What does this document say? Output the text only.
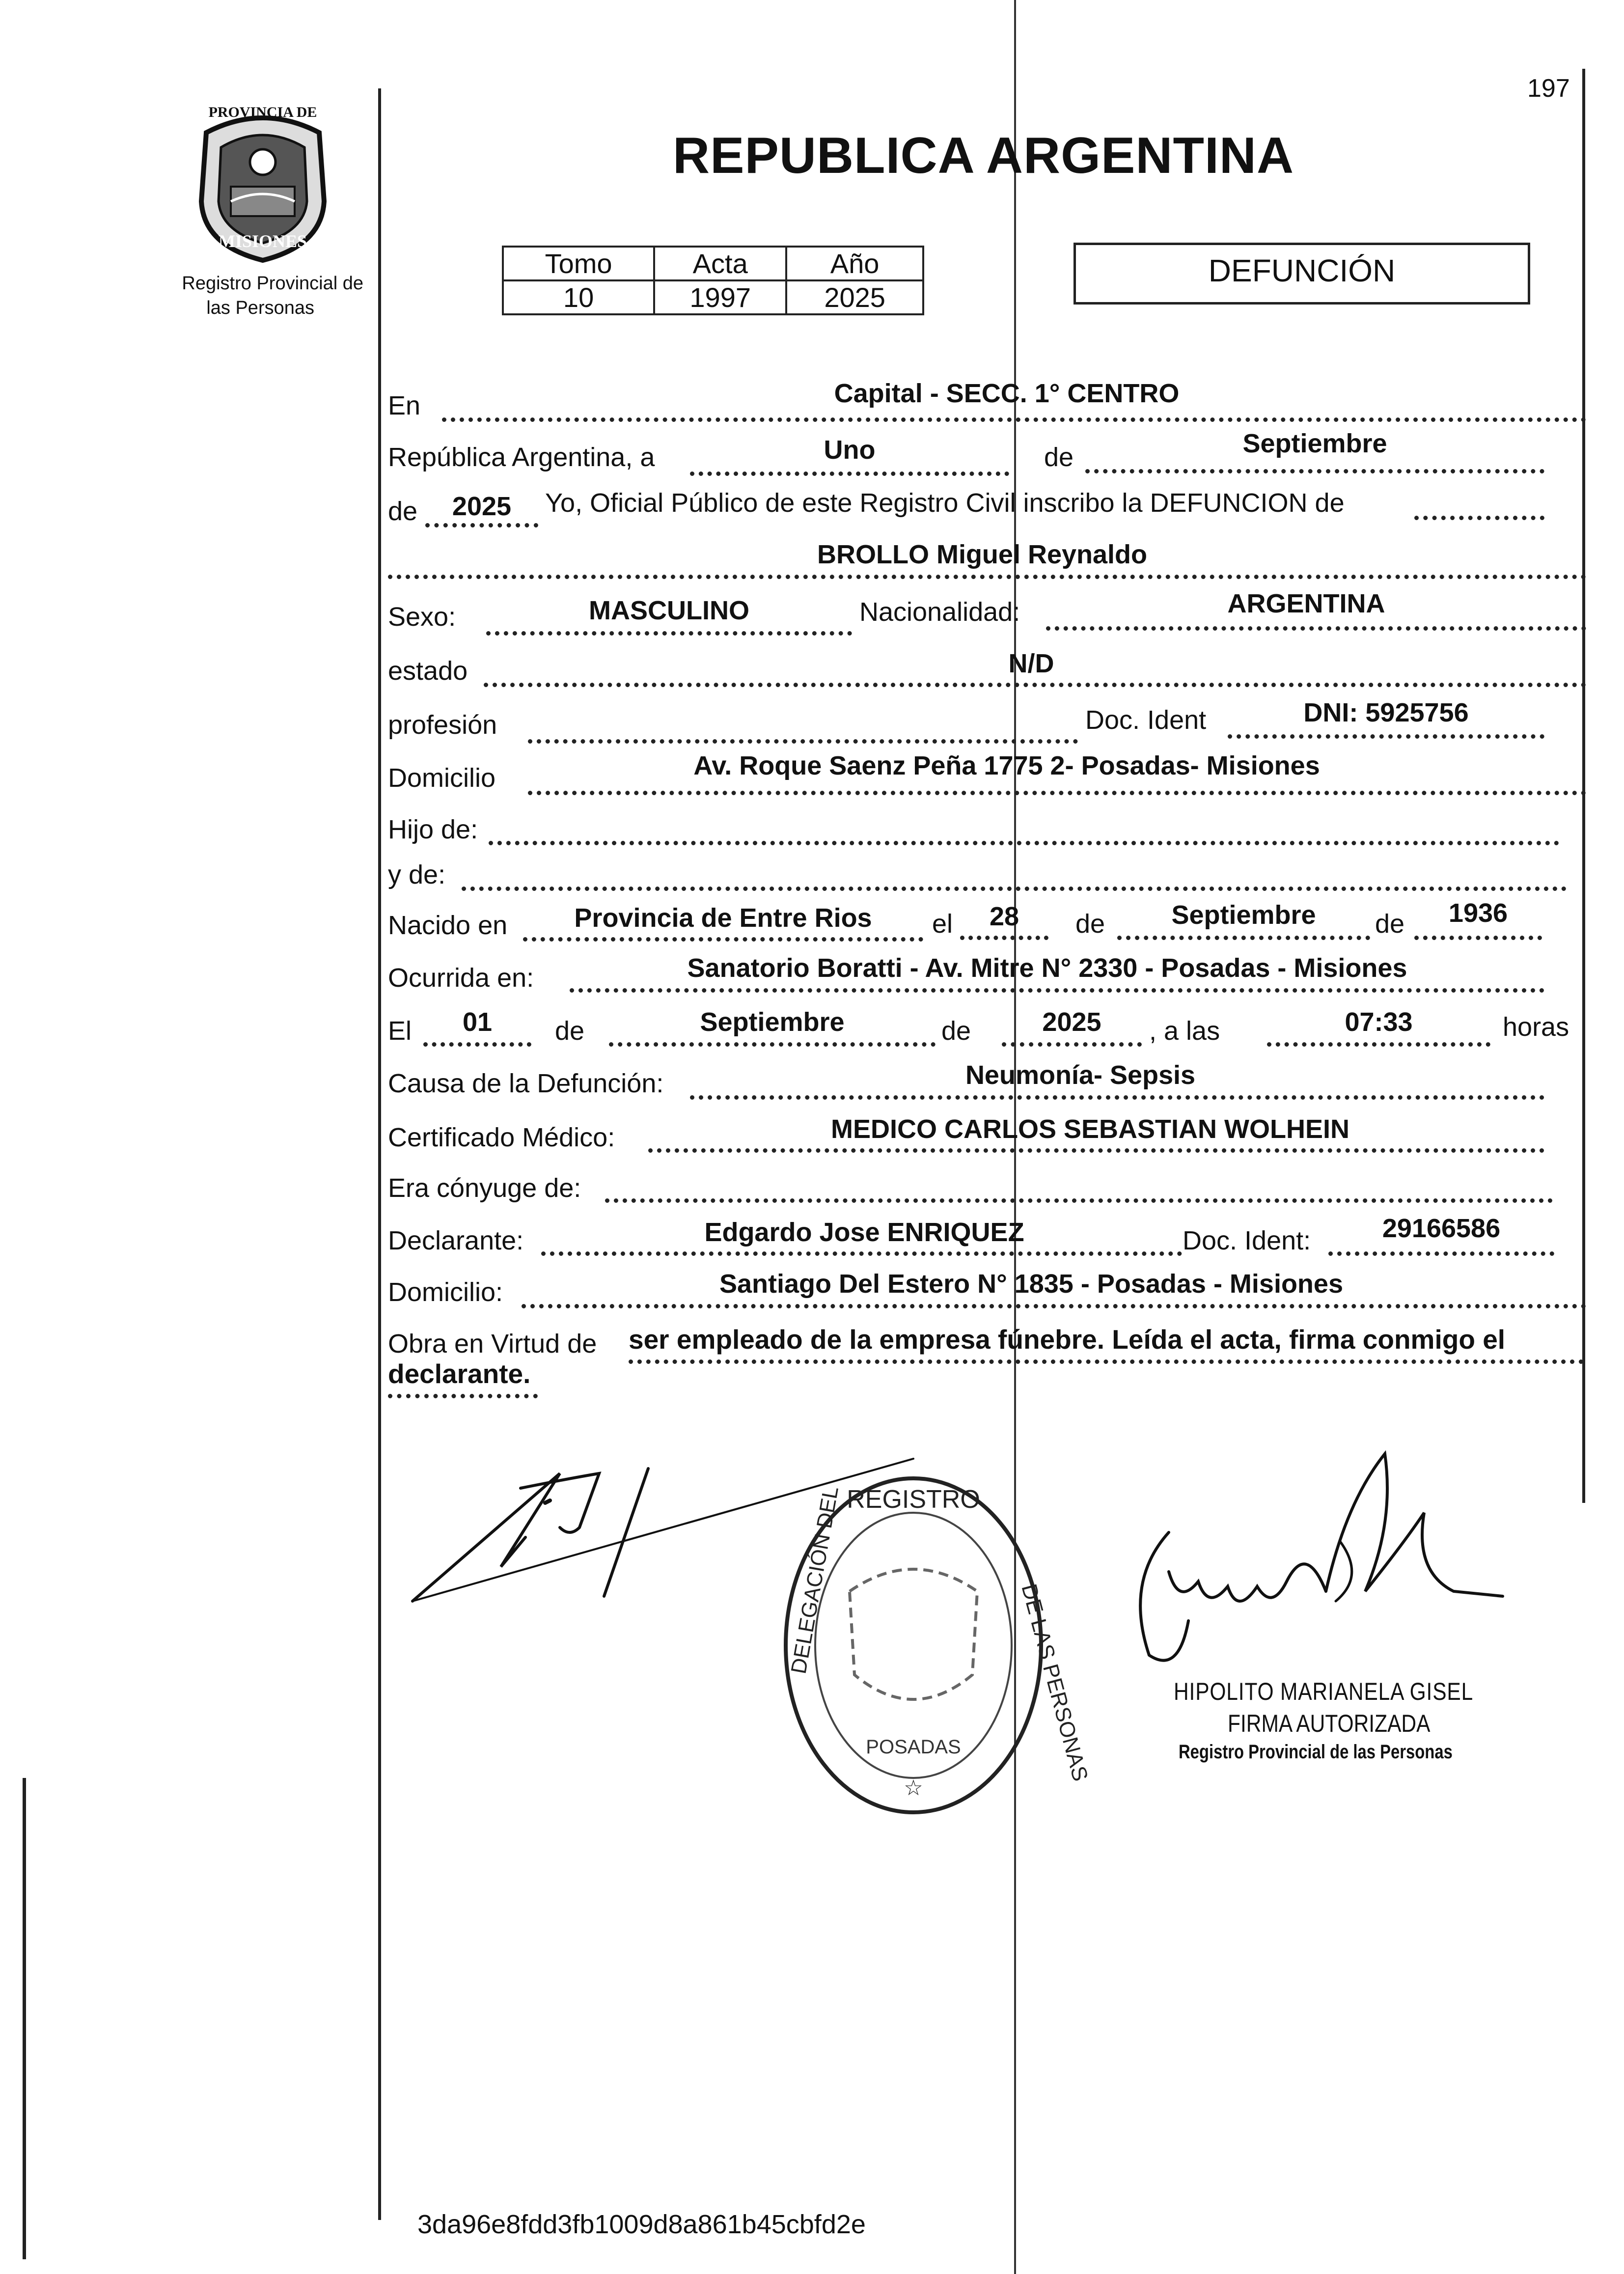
197
PROVINCIA DE
MISIONES
Registro Provincial de
las Personas
REPUBLICA ARGENTINA
Tomo	Acta	Año
10	1997	2025
DEFUNCIÓN
En	Capital - SECC. 1° CENTRO
República Argentina, a	Uno	de	Septiembre
de	2025	Yo, Oficial Público de este Registro Civil inscribo la DEFUNCION de
BROLLO Miguel Reynaldo
Sexo:	MASCULINO	Nacionalidad:	ARGENTINA
estado	N/D
profesión	Doc. Ident	DNI: 5925756
Domicilio	Av. Roque Saenz Peña 1775 2- Posadas- Misiones
Hijo de:
y de:
Nacido en	Provincia de Entre Rios	el	28	de	Septiembre	de	1936
Ocurrida en:	Sanatorio Boratti - Av. Mitre N° 2330 - Posadas - Misiones
El	01	de	Septiembre	de	2025	, a las	07:33	horas
Causa de la Defunción:	Neumonía- Sepsis
Certificado Médico:	MEDICO CARLOS SEBASTIAN WOLHEIN
Era cónyuge de:
Declarante:	Edgardo Jose ENRIQUEZ	Doc. Ident:	29166586
Domicilio:	Santiago Del Estero N° 1835 - Posadas - Misiones
Obra en Virtud de ser empleado de la empresa fúnebre. Leída el acta, firma conmigo el
declarante.
REGISTRO
DELEGACIÓN DEL
DE LAS PERSONAS
POSADAS
☆
HIPOLITO MARIANELA GISEL
FIRMA AUTORIZADA
Registro Provincial de las Personas
3da96e8fdd3fb1009d8a861b45cbfd2e
